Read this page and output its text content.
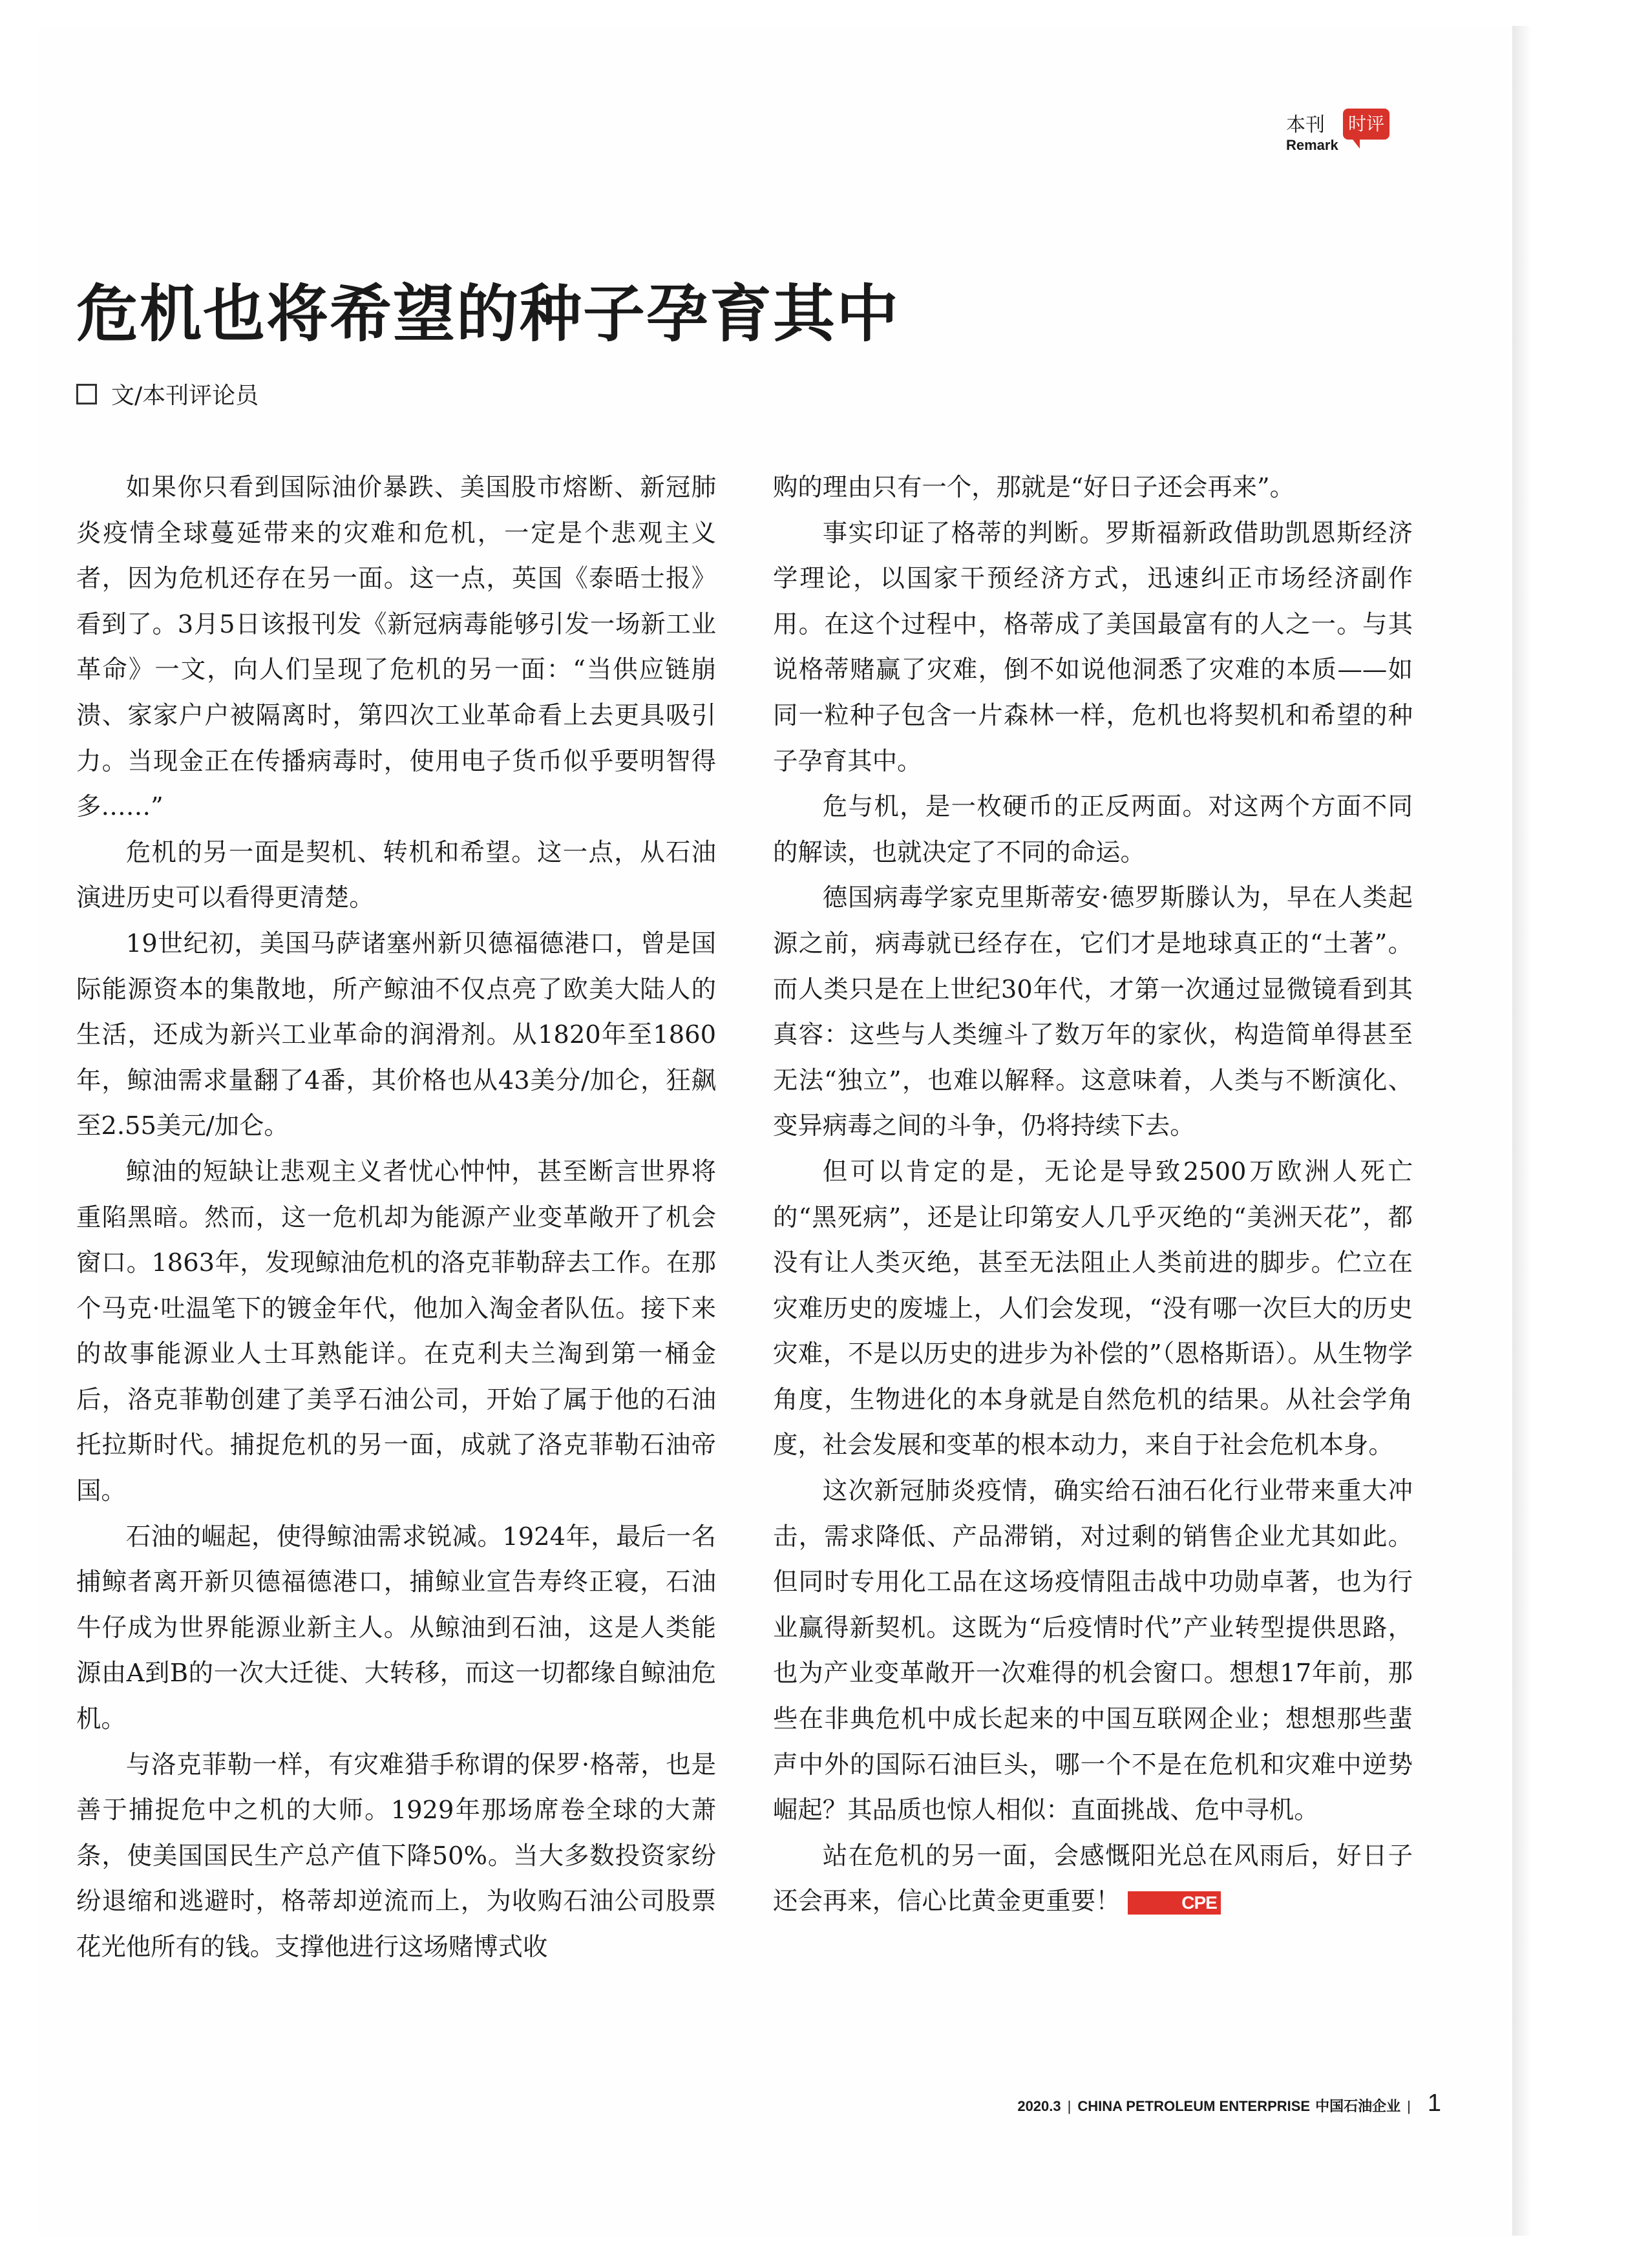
本刊
Remark
时评
危机也将希望的种子孕育其中
文/本刊评论员

如果你只看到国际油价暴跌、美国股市熔断、新冠肺炎疫情全球蔓延带来的灾难和危机，一定是个悲观主义者，因为危机还存在另一面。这一点，英国《泰晤士报》看到了。3月5日该报刊发《新冠病毒能够引发一场新工业革命》一文，向人们呈现了危机的另一面：“当供应链崩溃、家家户户被隔离时，第四次工业革命看上去更具吸引力。当现金正在传播病毒时，使用电子货币似乎要明智得多……”

危机的另一面是契机、转机和希望。这一点，从石油演进历史可以看得更清楚。

19世纪初，美国马萨诸塞州新贝德福德港口，曾是国际能源资本的集散地，所产鲸油不仅点亮了欧美大陆人的生活，还成为新兴工业革命的润滑剂。从1820年至1860年，鲸油需求量翻了4番，其价格也从43美分/加仑，狂飙至2.55美元/加仑。

鲸油的短缺让悲观主义者忧心忡忡，甚至断言世界将重陷黑暗。然而，这一危机却为能源产业变革敞开了机会窗口。1863年，发现鲸油危机的洛克菲勒辞去工作。在那个马克·吐温笔下的镀金年代，他加入淘金者队伍。接下来的故事能源业人士耳熟能详。在克利夫兰淘到第一桶金后，洛克菲勒创建了美孚石油公司，开始了属于他的石油托拉斯时代。捕捉危机的另一面，成就了洛克菲勒石油帝国。

石油的崛起，使得鲸油需求锐减。1924年，最后一名捕鲸者离开新贝德福德港口，捕鲸业宣告寿终正寝，石油牛仔成为世界能源业新主人。从鲸油到石油，这是人类能源由A到B的一次大迁徙、大转移，而这一切都缘自鲸油危机。

与洛克菲勒一样，有灾难猎手称谓的保罗·格蒂，也是善于捕捉危中之机的大师。1929年那场席卷全球的大萧条，使美国国民生产总产值下降50%。当大多数投资家纷纷退缩和逃避时，格蒂却逆流而上，为收购石油公司股票花光他所有的钱。支撑他进行这场赌博式收

购的理由只有一个，那就是“好日子还会再来”。

事实印证了格蒂的判断。罗斯福新政借助凯恩斯经济学理论，以国家干预经济方式，迅速纠正市场经济副作用。在这个过程中，格蒂成了美国最富有的人之一。与其说格蒂赌赢了灾难，倒不如说他洞悉了灾难的本质——如同一粒种子包含一片森林一样，危机也将契机和希望的种子孕育其中。

危与机，是一枚硬币的正反两面。对这两个方面不同的解读，也就决定了不同的命运。

德国病毒学家克里斯蒂安·德罗斯滕认为，早在人类起源之前，病毒就已经存在，它们才是地球真正的“土著”。而人类只是在上世纪30年代，才第一次通过显微镜看到其真容：这些与人类缠斗了数万年的家伙，构造简单得甚至无法“独立”，也难以解释。这意味着，人类与不断演化、变异病毒之间的斗争，仍将持续下去。

但可以肯定的是，无论是导致2500万欧洲人死亡的“黑死病”，还是让印第安人几乎灭绝的“美洲天花”，都没有让人类灭绝，甚至无法阻止人类前进的脚步。伫立在灾难历史的废墟上，人们会发现，“没有哪一次巨大的历史灾难，不是以历史的进步为补偿的”（恩格斯语）。从生物学角度，生物进化的本身就是自然危机的结果。从社会学角度，社会发展和变革的根本动力，来自于社会危机本身。

这次新冠肺炎疫情，确实给石油石化行业带来重大冲击，需求降低、产品滞销，对过剩的销售企业尤其如此。但同时专用化工品在这场疫情阻击战中功勋卓著，也为行业赢得新契机。这既为“后疫情时代”产业转型提供思路，也为产业变革敞开一次难得的机会窗口。想想17年前，那些在非典危机中成长起来的中国互联网企业；想想那些蜚声中外的国际石油巨头，哪一个不是在危机和灾难中逆势崛起？其品质也惊人相似：直面挑战、危中寻机。

站在危机的另一面，会感慨阳光总在风雨后，好日子还会再来，信心比黄金更重要！	CPE

2020.3 | CHINA PETROLEUM ENTERPRISE 中国石油企业 | 1
